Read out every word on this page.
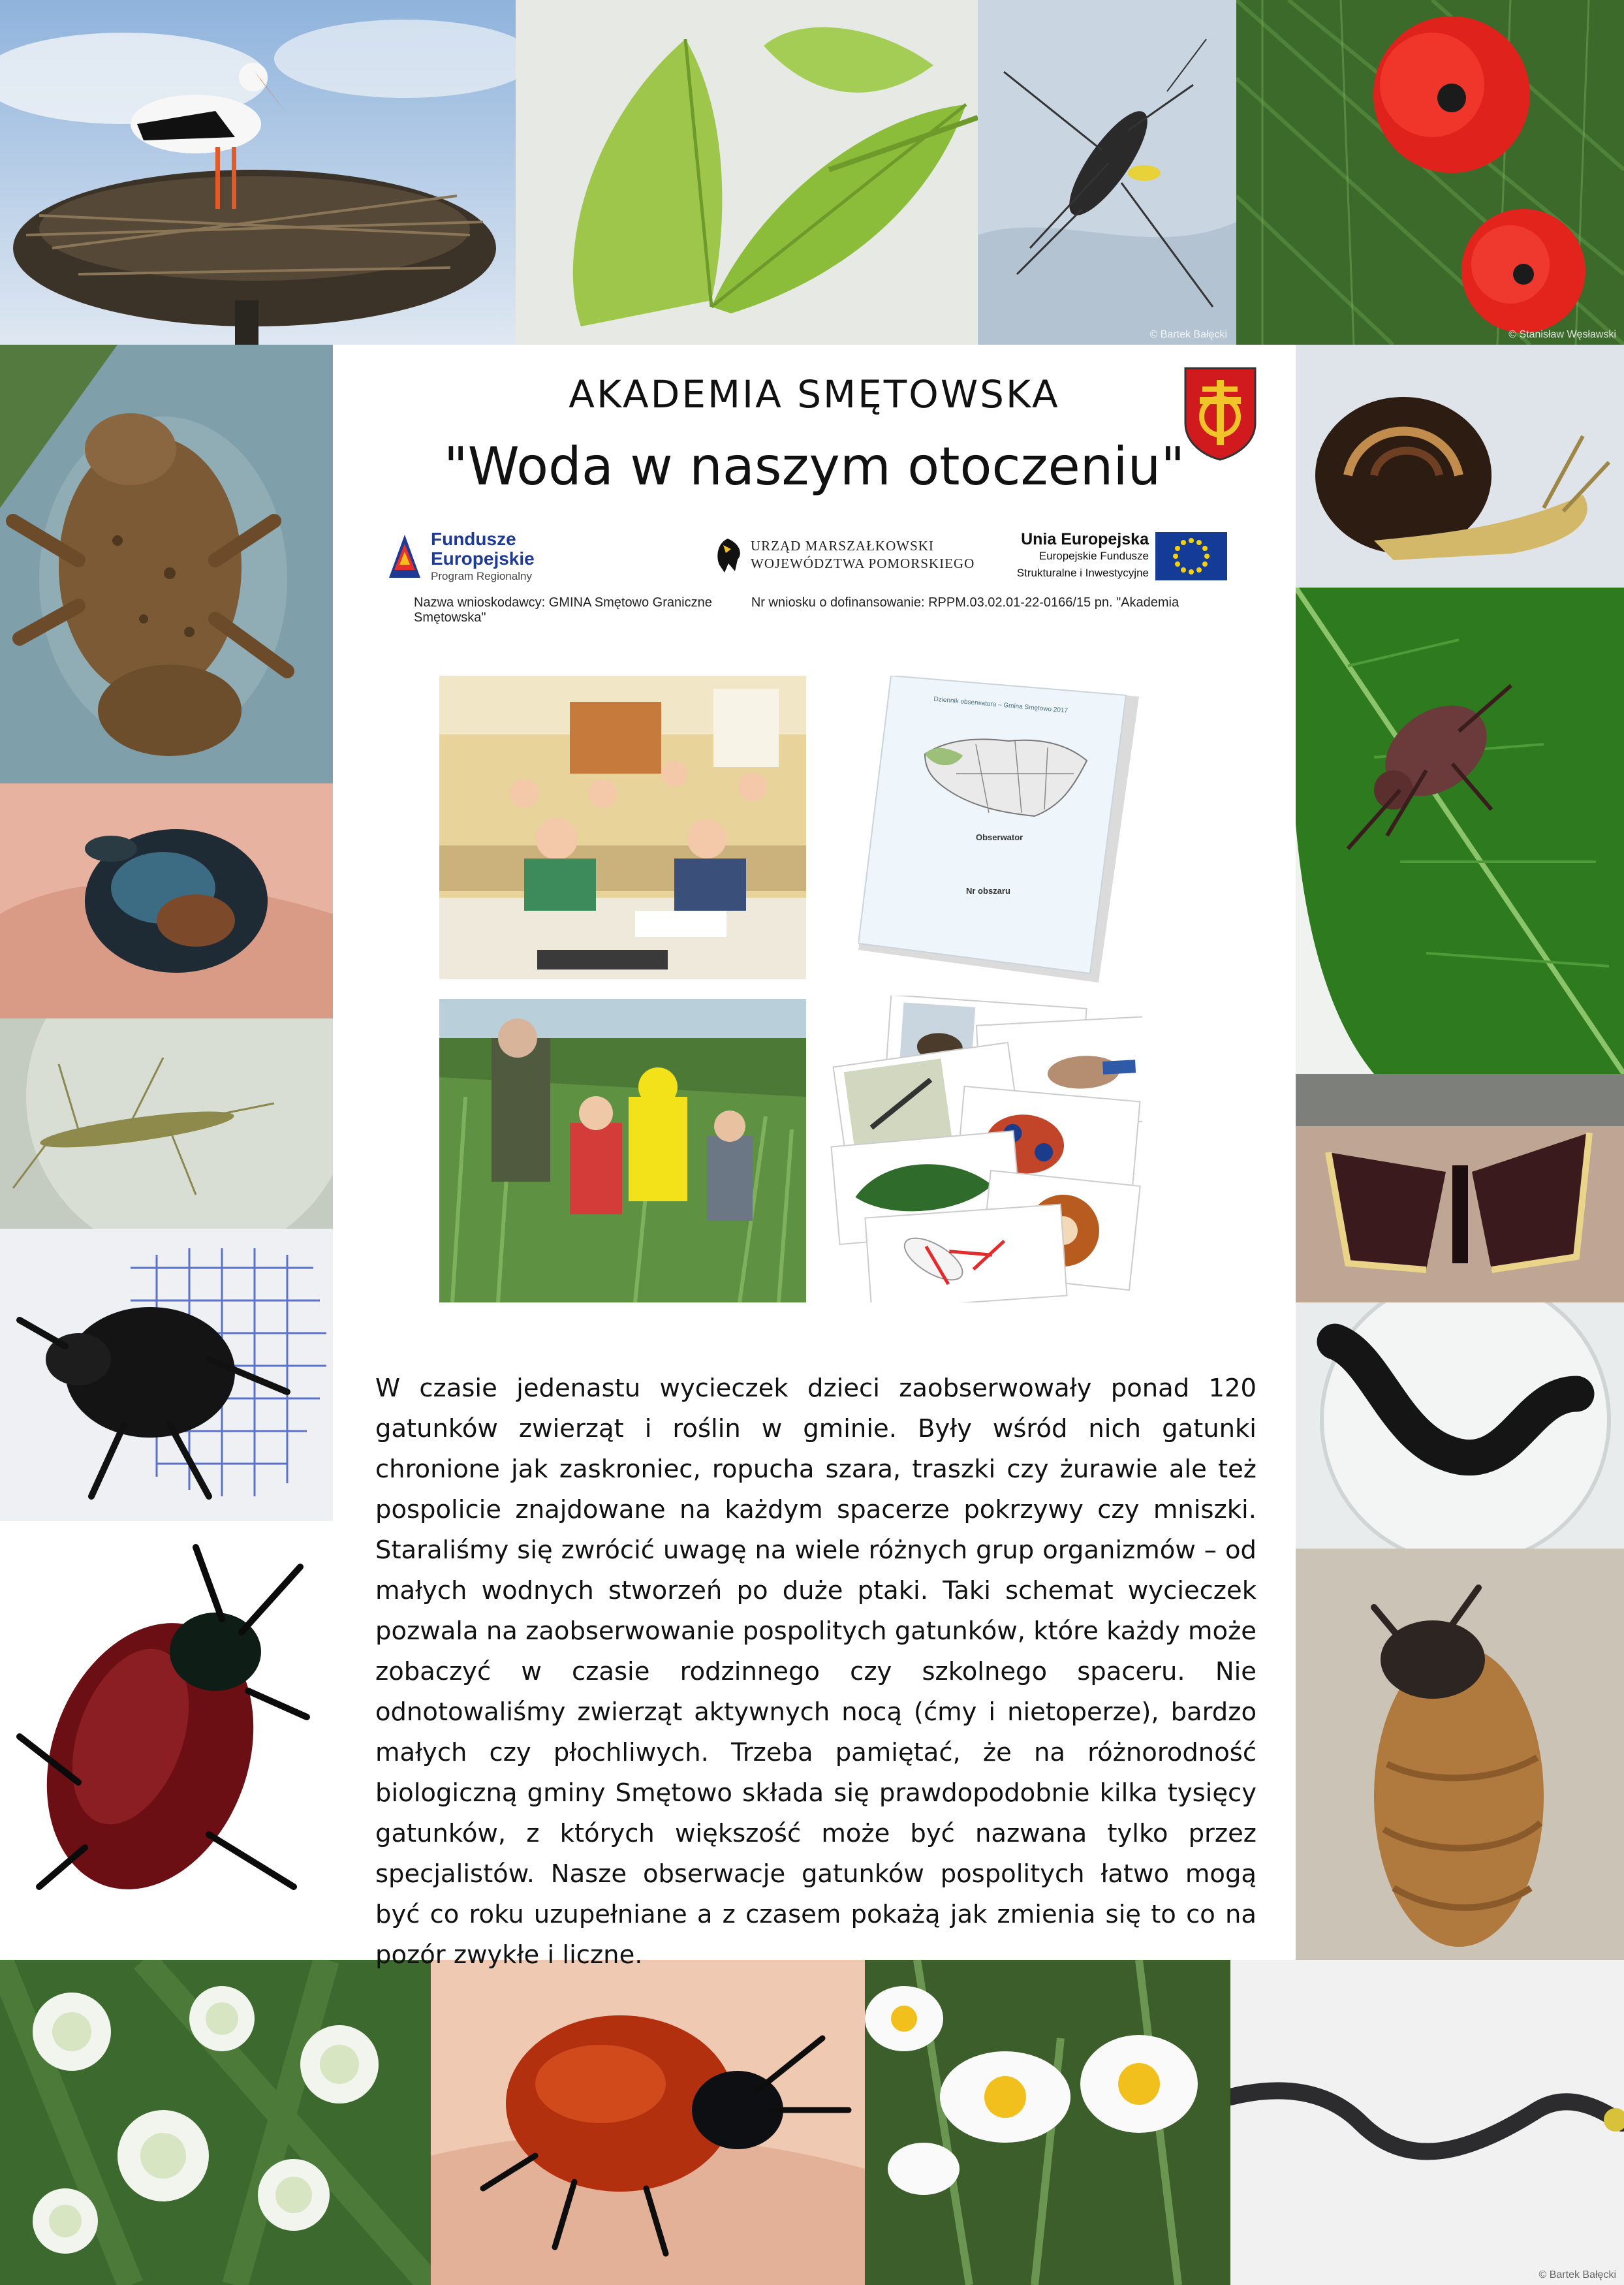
© Bartek Bałęcki	© Stanisław Węsławski
© Bartek Bałęcki
AKADEMIA SMĘTOWSKA
"Woda w naszym otoczeniu"
Fundusze
Europejskie
Program Regionalny
URZĄD MARSZAŁKOWSKI
WOJEWÓDZTWA POMORSKIEGO
Unia Europejska
Europejskie Fundusze
Strukturalne i Inwestycyjne
Nazwa wnioskodawcy: GMINA Smętowo Graniczne	Nr wniosku o dofinansowanie: RPPM.03.02.01-22-0166/15 pn. "Akademia Smętowska"
Dziennik obserwatora – Gmina Smętowo 2017
Obserwator
Nr obszaru
W czasie jedenastu wycieczek dzieci zaobserwowały ponad 120 gatunków zwierząt i roślin w gminie. Były wśród nich gatunki chronione jak zaskroniec, ropucha szara, traszki czy żurawie ale też pospolicie znajdowane na każdym spacerze pokrzywy czy mniszki. Staraliśmy się zwrócić uwagę na wiele różnych grup organizmów – od małych wodnych stworzeń po duże ptaki. Taki schemat wycieczek pozwala na zaobserwowanie pospolitych gatunków, które każdy może zobaczyć w czasie rodzinnego czy szkolnego spaceru. Nie odnotowaliśmy zwierząt aktywnych nocą (ćmy i nietoperze), bardzo małych czy płochliwych. Trzeba pamiętać, że na różnorodność biologiczną gminy Smętowo składa się prawdopodobnie kilka tysięcy gatunków, z których większość może być nazwana tylko przez specjalistów. Nasze obserwacje gatunków pospolitych łatwo mogą być co roku uzupełniane a z czasem pokażą jak zmienia się to co na pozór zwykłe i liczne.
